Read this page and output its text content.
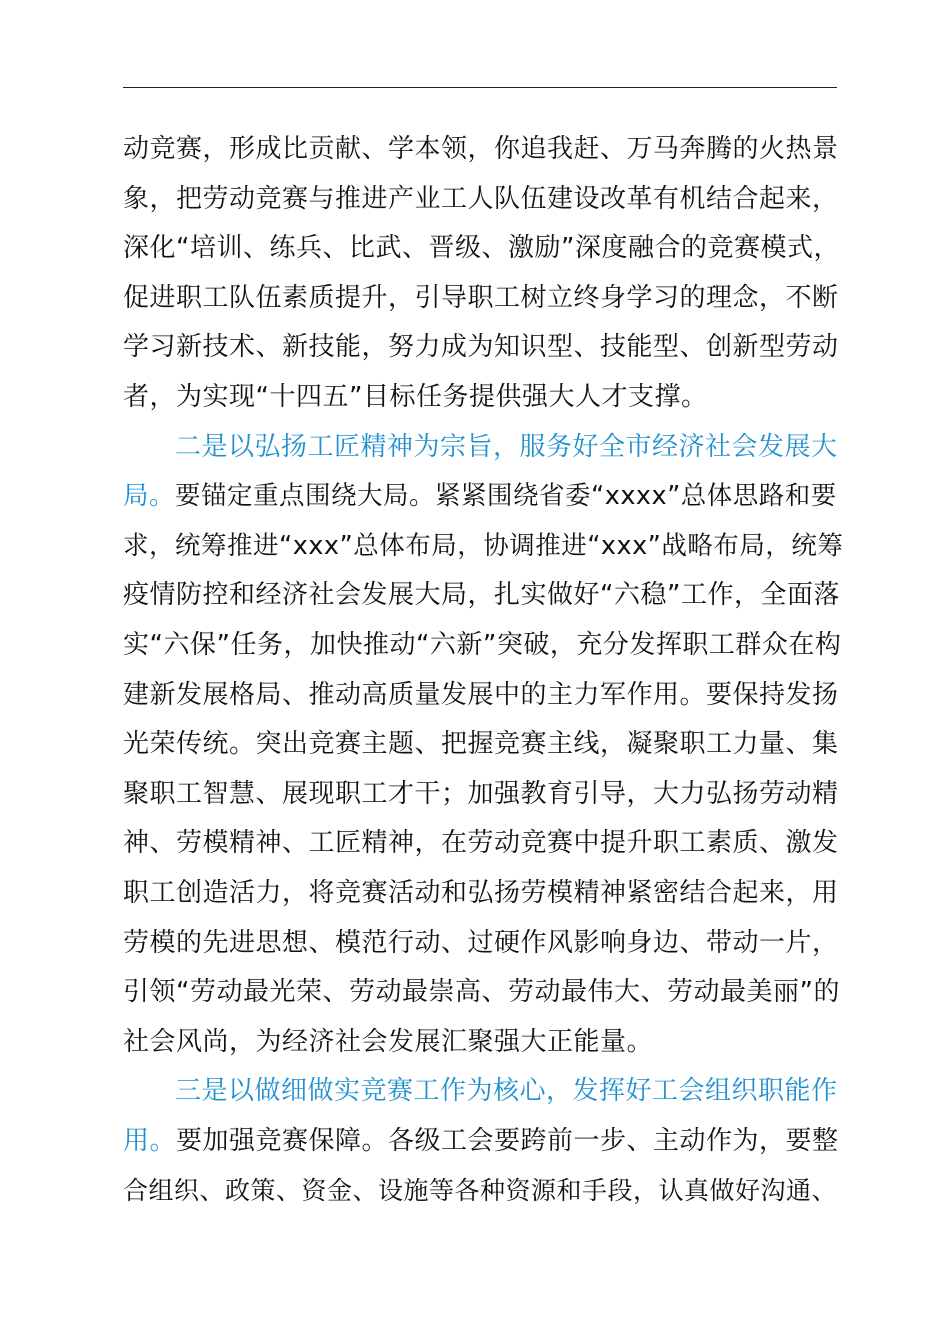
动竞赛，形成比贡献、学本领，你追我赶、万马奔腾的火热景
象，把劳动竞赛与推进产业工人队伍建设改革有机结合起来，
深化“培训、练兵、比武、晋级、激励”深度融合的竞赛模式，
促进职工队伍素质提升，引导职工树立终身学习的理念，不断
学习新技术、新技能，努力成为知识型、技能型、创新型劳动
者，为实现“十四五”目标任务提供强大人才支撑。
二是以弘扬工匠精神为宗旨，服务好全市经济社会发展大
局。要锚定重点围绕大局。紧紧围绕省委“xxxx”总体思路和要
求，统筹推进“xxx”总体布局，协调推进“xxx”战略布局，统筹
疫情防控和经济社会发展大局，扎实做好“六稳”工作，全面落
实“六保”任务，加快推动“六新”突破，充分发挥职工群众在构
建新发展格局、推动高质量发展中的主力军作用。要保持发扬
光荣传统。突出竞赛主题、把握竞赛主线，凝聚职工力量、集
聚职工智慧、展现职工才干；加强教育引导，大力弘扬劳动精
神、劳模精神、工匠精神，在劳动竞赛中提升职工素质、激发
职工创造活力，将竞赛活动和弘扬劳模精神紧密结合起来，用
劳模的先进思想、模范行动、过硬作风影响身边、带动一片，
引领“劳动最光荣、劳动最崇高、劳动最伟大、劳动最美丽”的
社会风尚，为经济社会发展汇聚强大正能量。
三是以做细做实竞赛工作为核心，发挥好工会组织职能作
用。要加强竞赛保障。各级工会要跨前一步、主动作为，要整
合组织、政策、资金、设施等各种资源和手段，认真做好沟通、
